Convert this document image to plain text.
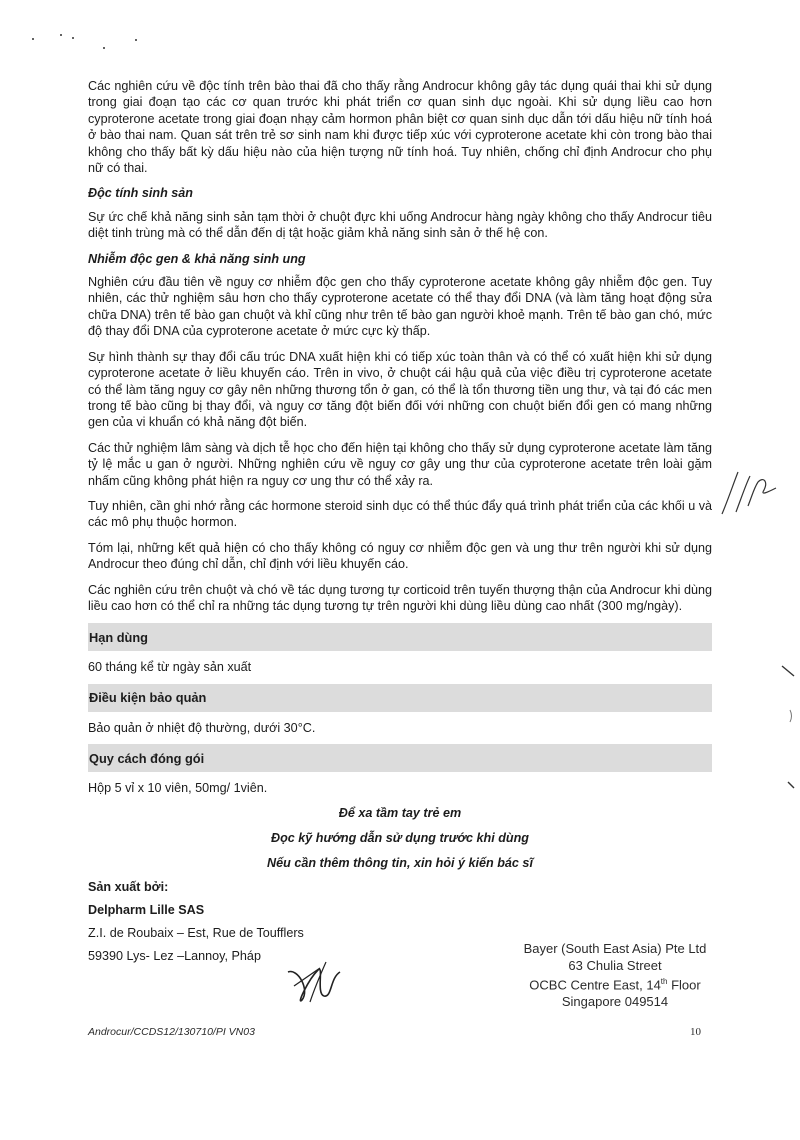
Các nghiên cứu về độc tính trên bào thai đã cho thấy rằng Androcur không gây tác dụng quái thai khi sử dụng trong giai đoạn tạo các cơ quan trước khi phát triển cơ quan sinh dục ngoài. Khi sử dụng liều cao hơn cyproterone acetate trong giai đoạn nhạy cảm hormon phân biệt cơ quan sinh dục dẫn tới dấu hiệu nữ tính hoá ở bào thai nam. Quan sát trên trẻ sơ sinh nam khi được tiếp xúc với cyproterone acetate khi còn trong bào thai không cho thấy bất kỳ dấu hiệu nào của hiện tượng nữ tính hoá. Tuy nhiên, chống chỉ định Androcur cho phụ nữ có thai.

Độc tính sinh sản

Sự ức chế khả năng sinh sản tạm thời ở chuột đực khi uống Androcur hàng ngày không cho thấy Androcur tiêu diệt tinh trùng mà có thể dẫn đến dị tật hoặc giảm khả năng sinh sản ở thế hệ con.

Nhiễm độc gen & khả năng sinh ung

Nghiên cứu đầu tiên về nguy cơ nhiễm độc gen cho thấy cyproterone acetate không gây nhiễm độc gen. Tuy nhiên, các thử nghiệm sâu hơn cho thấy cyproterone acetate có thể thay đổi DNA (và làm tăng hoạt động sửa chữa DNA) trên tế bào gan chuột và khỉ cũng như trên tế bào gan người khoẻ mạnh. Trên tế bào gan chó, mức độ thay đổi DNA của cyproterone acetate ở mức cực kỳ thấp.

Sự hình thành sự thay đổi cấu trúc DNA xuất hiện khi có tiếp xúc toàn thân và có thể có xuất hiện khi sử dụng cyproterone acetate ở liều khuyến cáo. Trên in vivo, ở chuột cái hậu quả của việc điều trị cyproterone acetate có thể làm tăng nguy cơ gây nên những thương tổn ở gan, có thể là tổn thương tiền ung thư, và tại đó các men trong tế bào cũng bị thay đổi, và nguy cơ tăng đột biến đối với những con chuột biến đổi gen có mang những gen của vi khuẩn có khả năng đột biến.

Các thử nghiệm lâm sàng và dịch tễ học cho đến hiện tại không cho thấy sử dụng cyproterone acetate làm tăng tỷ lệ mắc u gan ở người. Những nghiên cứu về nguy cơ gây ung thư của cyproterone acetate trên loài gặm nhấm cũng không phát hiện ra nguy cơ ung thư có thể xảy ra.

Tuy nhiên, cần ghi nhớ rằng các hormone steroid sinh dục có thể thúc đẩy quá trình phát triển của các khối u và các mô phụ thuộc hormon.

Tóm lại, những kết quả hiện có cho thấy không có nguy cơ nhiễm độc gen và ung thư trên người khi sử dụng Androcur theo đúng chỉ dẫn, chỉ định với liều khuyến cáo.

Các nghiên cứu trên chuột và chó về tác dụng tương tự corticoid trên tuyến thượng thận của Androcur khi dùng liều cao hơn có thể chỉ ra những tác dụng tương tự trên người khi dùng liều dùng cao nhất (300 mg/ngày).

Hạn dùng

60 tháng kể từ ngày sản xuất

Điều kiện bảo quản

Bảo quản ở nhiệt độ thường, dưới 30°C.

Quy cách đóng gói

Hộp 5 vỉ x 10 viên, 50mg/ 1viên.

Để xa tầm tay trẻ em

Đọc kỹ hướng dẫn sử dụng trước khi dùng

Nếu cần thêm thông tin, xin hỏi ý kiến bác sĩ

Sản xuất bởi:

Delpharm Lille SAS

Z.I. de Roubaix – Est, Rue de Toufflers

59390 Lys- Lez –Lannoy, Pháp	Bayer (South East Asia) Pte Ltd
63 Chulia Street
OCBC Centre East, 14th Floor
Singapore 049514
Androcur/CCDS12/130710/PI VN03	10
